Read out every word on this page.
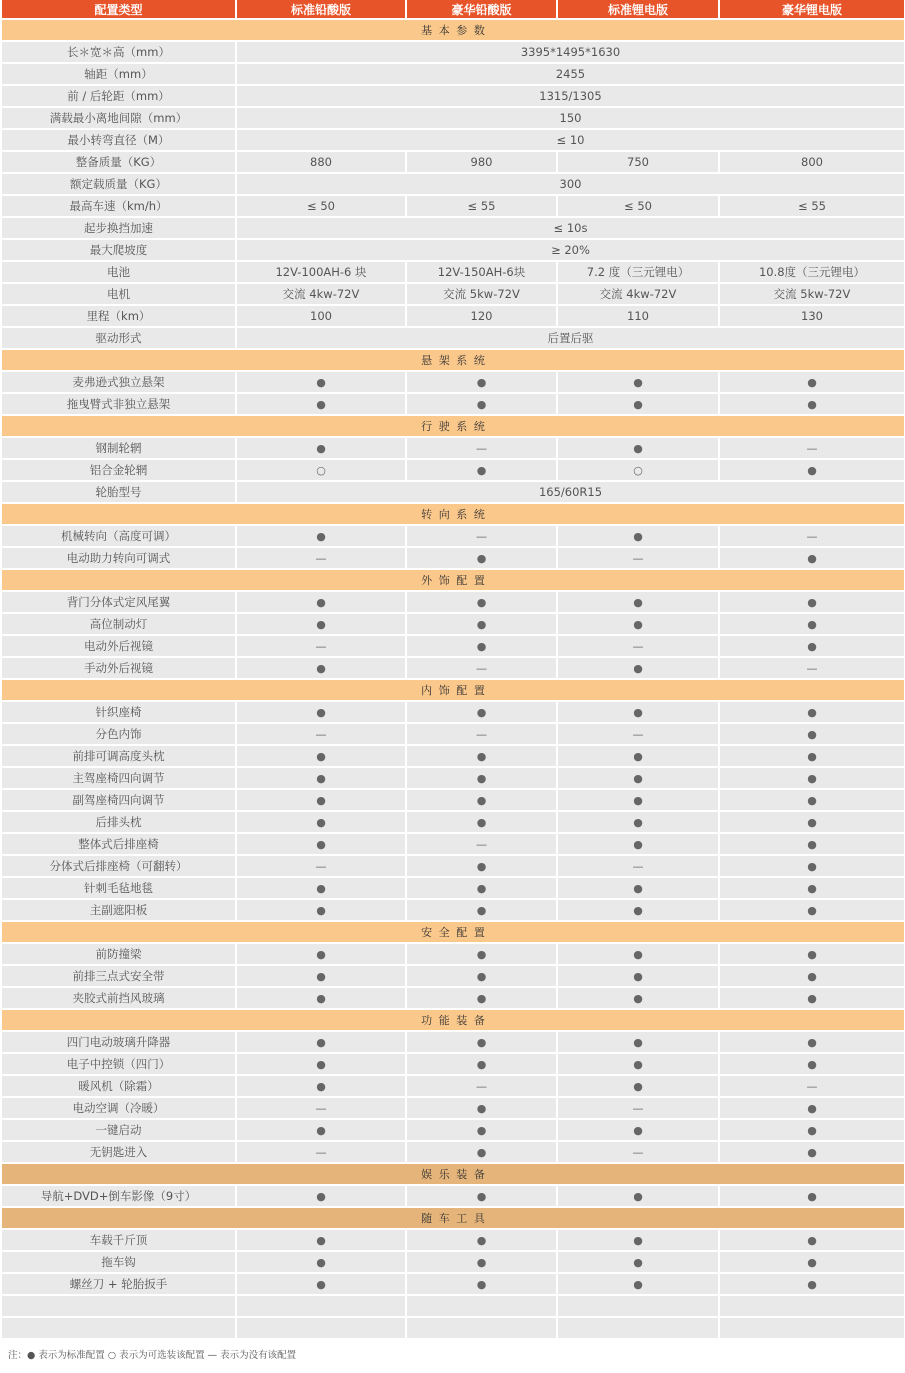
配置类型	标准铅酸版	豪华铅酸版	标准锂电版	豪华锂电版
基本参数				
长＊宽＊高（mm）	3395*1495*1630			
轴距（mm）	2455			
前 / 后轮距（mm）	1315/1305			
满载最小离地间隙（mm）	150			
最小转弯直径（M）	≤ 10			
整备质量（KG）	880	980	750	800
额定载质量（KG）	300			
最高车速（km/h）	≤ 50	≤ 55	≤ 50	≤ 55
起步换挡加速	≤ 10s			
最大爬坡度	≥ 20%			
电池	12V-100AH-6 块	12V-150AH-6块	7.2 度（三元锂电）	10.8度（三元锂电）
电机	交流 4kw-72V	交流 5kw-72V	交流 4kw-72V	交流 5kw-72V
里程（km）	100	120	110	130
驱动形式	后置后驱			
悬架系统				
麦弗逊式独立悬架	●	●	●	●
拖曳臂式非独立悬架	●	●	●	●
行驶系统				
钢制轮辋	●	—	●	—
铝合金轮辋	○	●	○	●
轮胎型号	165/60R15			
转向系统				
机械转向（高度可调）	●	—	●	—
电动助力转向可调式	—	●	—	●
外饰配置				
背门分体式定风尾翼	●	●	●	●
高位制动灯	●	●	●	●
电动外后视镜	—	●	—	●
手动外后视镜	●	—	●	—
内饰配置				
针织座椅	●	●	●	●
分色内饰	—	—	—	●
前排可调高度头枕	●	●	●	●
主驾座椅四向调节	●	●	●	●
副驾座椅四向调节	●	●	●	●
后排头枕	●	●	●	●
整体式后排座椅	●	—	●	●
分体式后排座椅（可翻转）	—	●	—	●
针刺毛毡地毯	●	●	●	●
主副遮阳板	●	●	●	●
安全配置				
前防撞梁	●	●	●	●
前排三点式安全带	●	●	●	●
夹胶式前挡风玻璃	●	●	●	●
功能装备				
四门电动玻璃升降器	●	●	●	●
电子中控锁（四门）	●	●	●	●
暖风机（除霜）	●	—	●	—
电动空调（冷暖）	—	●	—	●
一键启动	●	●	●	●
无钥匙进入	—	●	—	●
娱乐装备				
导航+DVD+倒车影像（9寸）	●	●	●	●
随车工具				
车载千斤顶	●	●	●	●
拖车钩	●	●	●	●
螺丝刀 + 轮胎扳手	●	●	●	●

注：● 表示为标准配置 ○ 表示为可选装该配置 — 表示为没有该配置
